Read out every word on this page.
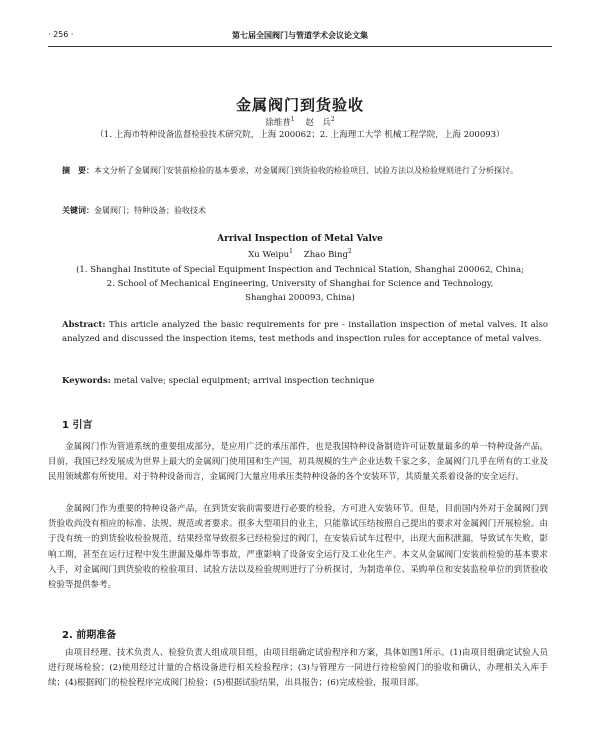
· 256 ·	第七届全国阀门与管道学术会议论文集
金属阀门到货验收
徐维普$^1$ 赵　兵$^2$
（1. 上海市特种设备监督检验技术研究院，上海 200062；2. 上海理工大学 机械工程学院，上海 200093）
摘　要：本文分析了金属阀门安装前检验的基本要求，对金属阀门到货验收的检验项目、试验方法以及检验规则进行了分析探讨。
关键词：金属阀门；特种设备；验收技术
Arrival Inspection of Metal Valve
Xu Weipu$^1$ Zhao Bing$^2$
(1. Shanghai Institute of Special Equipment Inspection and Technical Station, Shanghai 200062, China;
2. School of Mechanical Engineering, University of Shanghai for Science and Technology,
Shanghai 200093, China)
Abstract: This article analyzed the basic requirements for pre - installation inspection of metal valves. It also analyzed and discussed the inspection items, test methods and inspection rules for acceptance of metal valves.
Keywords: metal valve; special equipment; arrival inspection technique
1 引言

金属阀门作为管道系统的重要组成部分，是应用广泛的承压部件，也是我国特种设备制造许可证数量最多的单一特种设备产品。目前，我国已经发展成为世界上最大的金属阀门使用国和生产国，初具规模的生产企业达数千家之多，金属阀门几乎在所有的工业及民用领域都有所使用。对于特种设备而言，金属阀门大量应用承压类特种设备的各个安装环节，其质量关系着设备的安全运行。

金属阀门作为重要的特种设备产品，在到货安装前需要进行必要的检验，方可进入安装环节。但是，目前国内外对于金属阀门到货验收尚没有相应的标准、法规、规范或者要求。很多大型项目的业主，只能靠试压结按照自己提出的要求对金属阀门开展检验。由于没有统一的到货验收检验规范，结果经常导致很多已经检验过的阀门，在安装后试车过程中，出现大面积泄漏，导致试车失败，影响工期，甚至在运行过程中发生泄漏及爆炸等事故，严重影响了设备安全运行及工业化生产。本文从金属阀门安装前检验的基本要求入手，对金属阀门到货验收的检验项目、试验方法以及检验规则进行了分析探讨，为制造单位、采购单位和安装监检单位的到货验收检验等提供参考。

2. 前期准备

由项目经理、技术负责人、检验负责人组成项目组，由项目组确定试验程序和方案，具体如图1所示。(1)由项目组确定试验人员进行现场检验；(2)使用经过计量的合格设备进行相关检验程序；(3)与管理方一同进行待检验阀门的验收和确认，办理相关入库手续；(4)根据阀门的检验程序完成阀门检验；(5)根据试验结果，出具报告；(6)完成检验，报项目部。
